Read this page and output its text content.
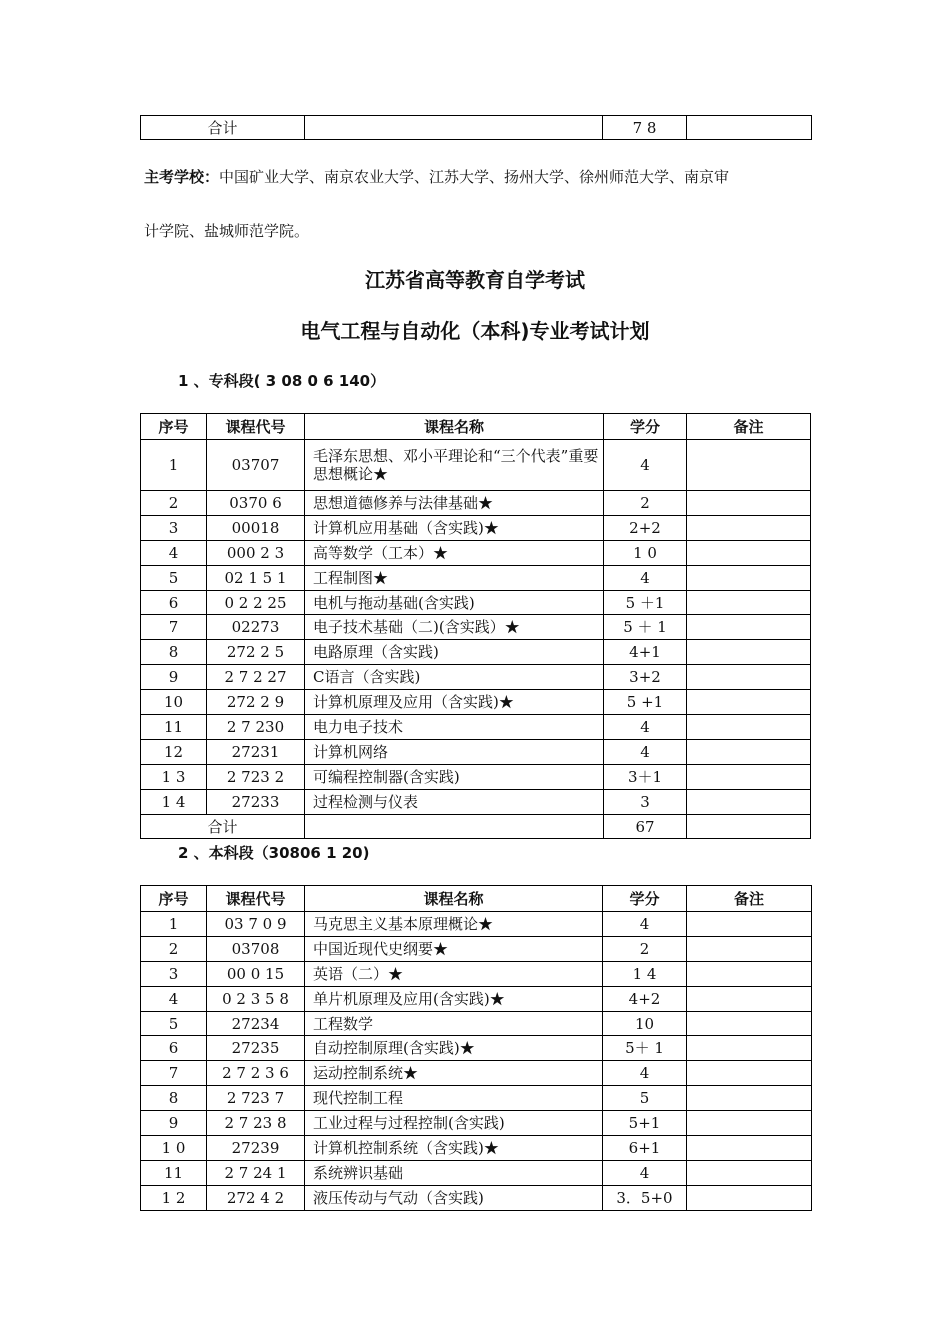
合计		7 8	
主考学校：中国矿业大学、南京农业大学、江苏大学、扬州大学、徐州师范大学、南京审
计学院、盐城师范学院。
江苏省高等教育自学考试
电气工程与自动化（本科)专业考试计划
1 、专科段( 3 08 0 6 140）
序号	课程代号	课程名称	学分	备注
1	03707	毛泽东思想、邓小平理论和“三个代表”重要思想概论★	4	
2	0370 6	思想道德修养与法律基础★	2	
3	00018	计算机应用基础（含实践)★	2+2	
4	000 2 3	高等数学（工本）★	1 0	
5	02 1 5 1	工程制图★	4	
6	0 2 2 25	电机与拖动基础(含实践)	5 ＋1	
7	02273	电子技术基础（二)(含实践）★	5 ＋ 1	
8	272 2 5	电路原理（含实践)	4+1	
9	2 7 2 27	C语言（含实践)	3+2	
10	272 2 9	计算机原理及应用（含实践)★	5 +1	
11	2 7 230	电力电子技术	4	
12	27231	计算机网络	4	
1 3	2 723 2	可编程控制器(含实践)	3＋1	
1 4	27233	过程检测与仪表	3	
合计			67	
2 、本科段（30806 1 20)
序号	课程代号	课程名称	学分	备注
1	03 7 0 9	马克思主义基本原理概论★	4	
2	03708	中国近现代史纲要★	2	
3	00 0 15	英语（二）★	1 4	
4	0 2 3 5 8	单片机原理及应用(含实践)★	4+2	
5	27234	工程数学	10	
6	27235	自动控制原理(含实践)★	5＋ 1	
7	2 7 2 3 6	运动控制系统★	4	
8	2 723 7	现代控制工程	5	
9	2 7 23 8	工业过程与过程控制(含实践)	5+1	
1 0	27239	计算机控制系统（含实践)★	6+1	
11	2 7 24 1	系统辨识基础	4	
1 2	272 4 2	液压传动与气动（含实践)	3．5+0	
